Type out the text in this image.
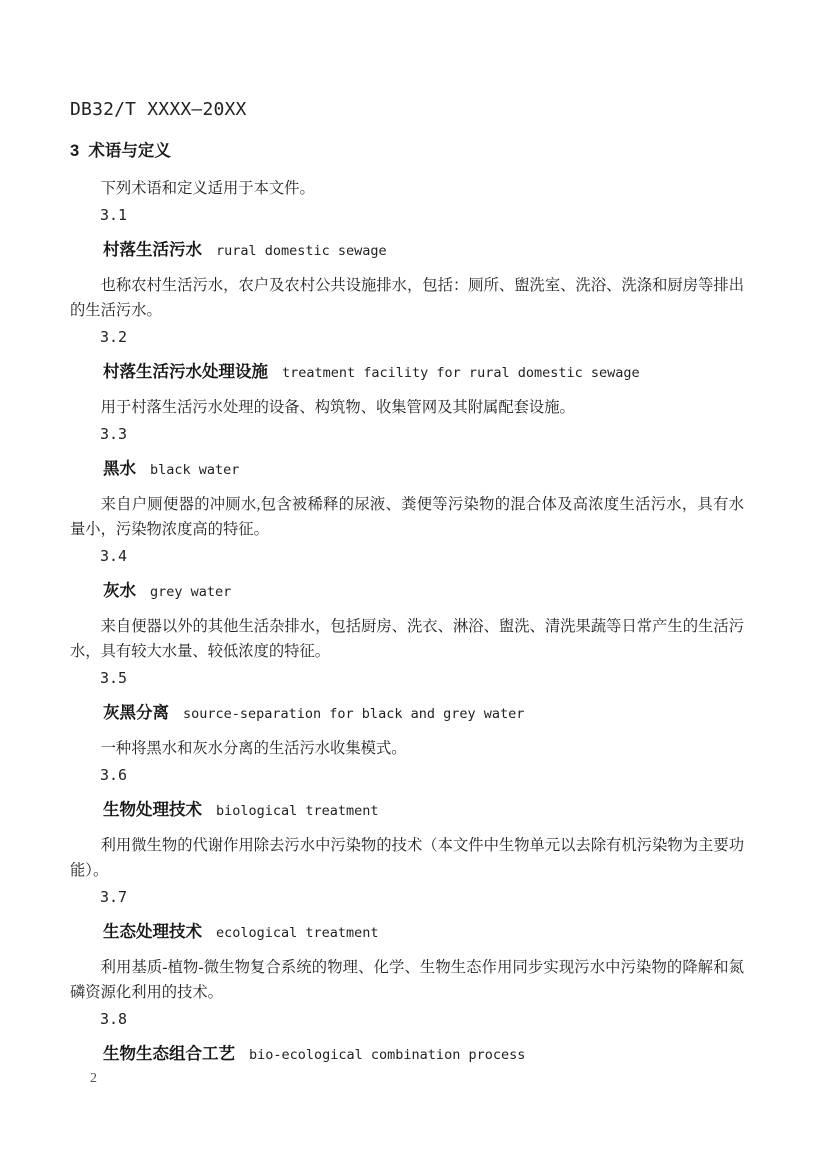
DB32/T XXXX—20XX
3  术语与定义

下列术语和定义适用于本文件。

3.1

村落生活污水 rural domestic sewage

也称农村生活污水，农户及农村公共设施排水，包括：厕所、盥洗室、洗浴、洗涤和厨房等排出的生活污水。

3.2

村落生活污水处理设施 treatment facility for rural domestic sewage

用于村落生活污水处理的设备、构筑物、收集管网及其附属配套设施。

3.3

黑水 black water

来自户厕便器的冲厕水,包含被稀释的尿液、粪便等污染物的混合体及高浓度生活污水，具有水量小，污染物浓度高的特征。

3.4

灰水 grey water

来自便器以外的其他生活杂排水，包括厨房、洗衣、淋浴、盥洗、清洗果蔬等日常产生的生活污水，具有较大水量、较低浓度的特征。

3.5

灰黑分离 source-separation for black and grey water

一种将黑水和灰水分离的生活污水收集模式。

3.6

生物处理技术 biological treatment

利用微生物的代谢作用除去污水中污染物的技术（本文件中生物单元以去除有机污染物为主要功能）。

3.7

生态处理技术 ecological treatment

利用基质-植物-微生物复合系统的物理、化学、生物生态作用同步实现污水中污染物的降解和氮磷资源化利用的技术。

3.8

生物生态组合工艺 bio-ecological combination process

2
